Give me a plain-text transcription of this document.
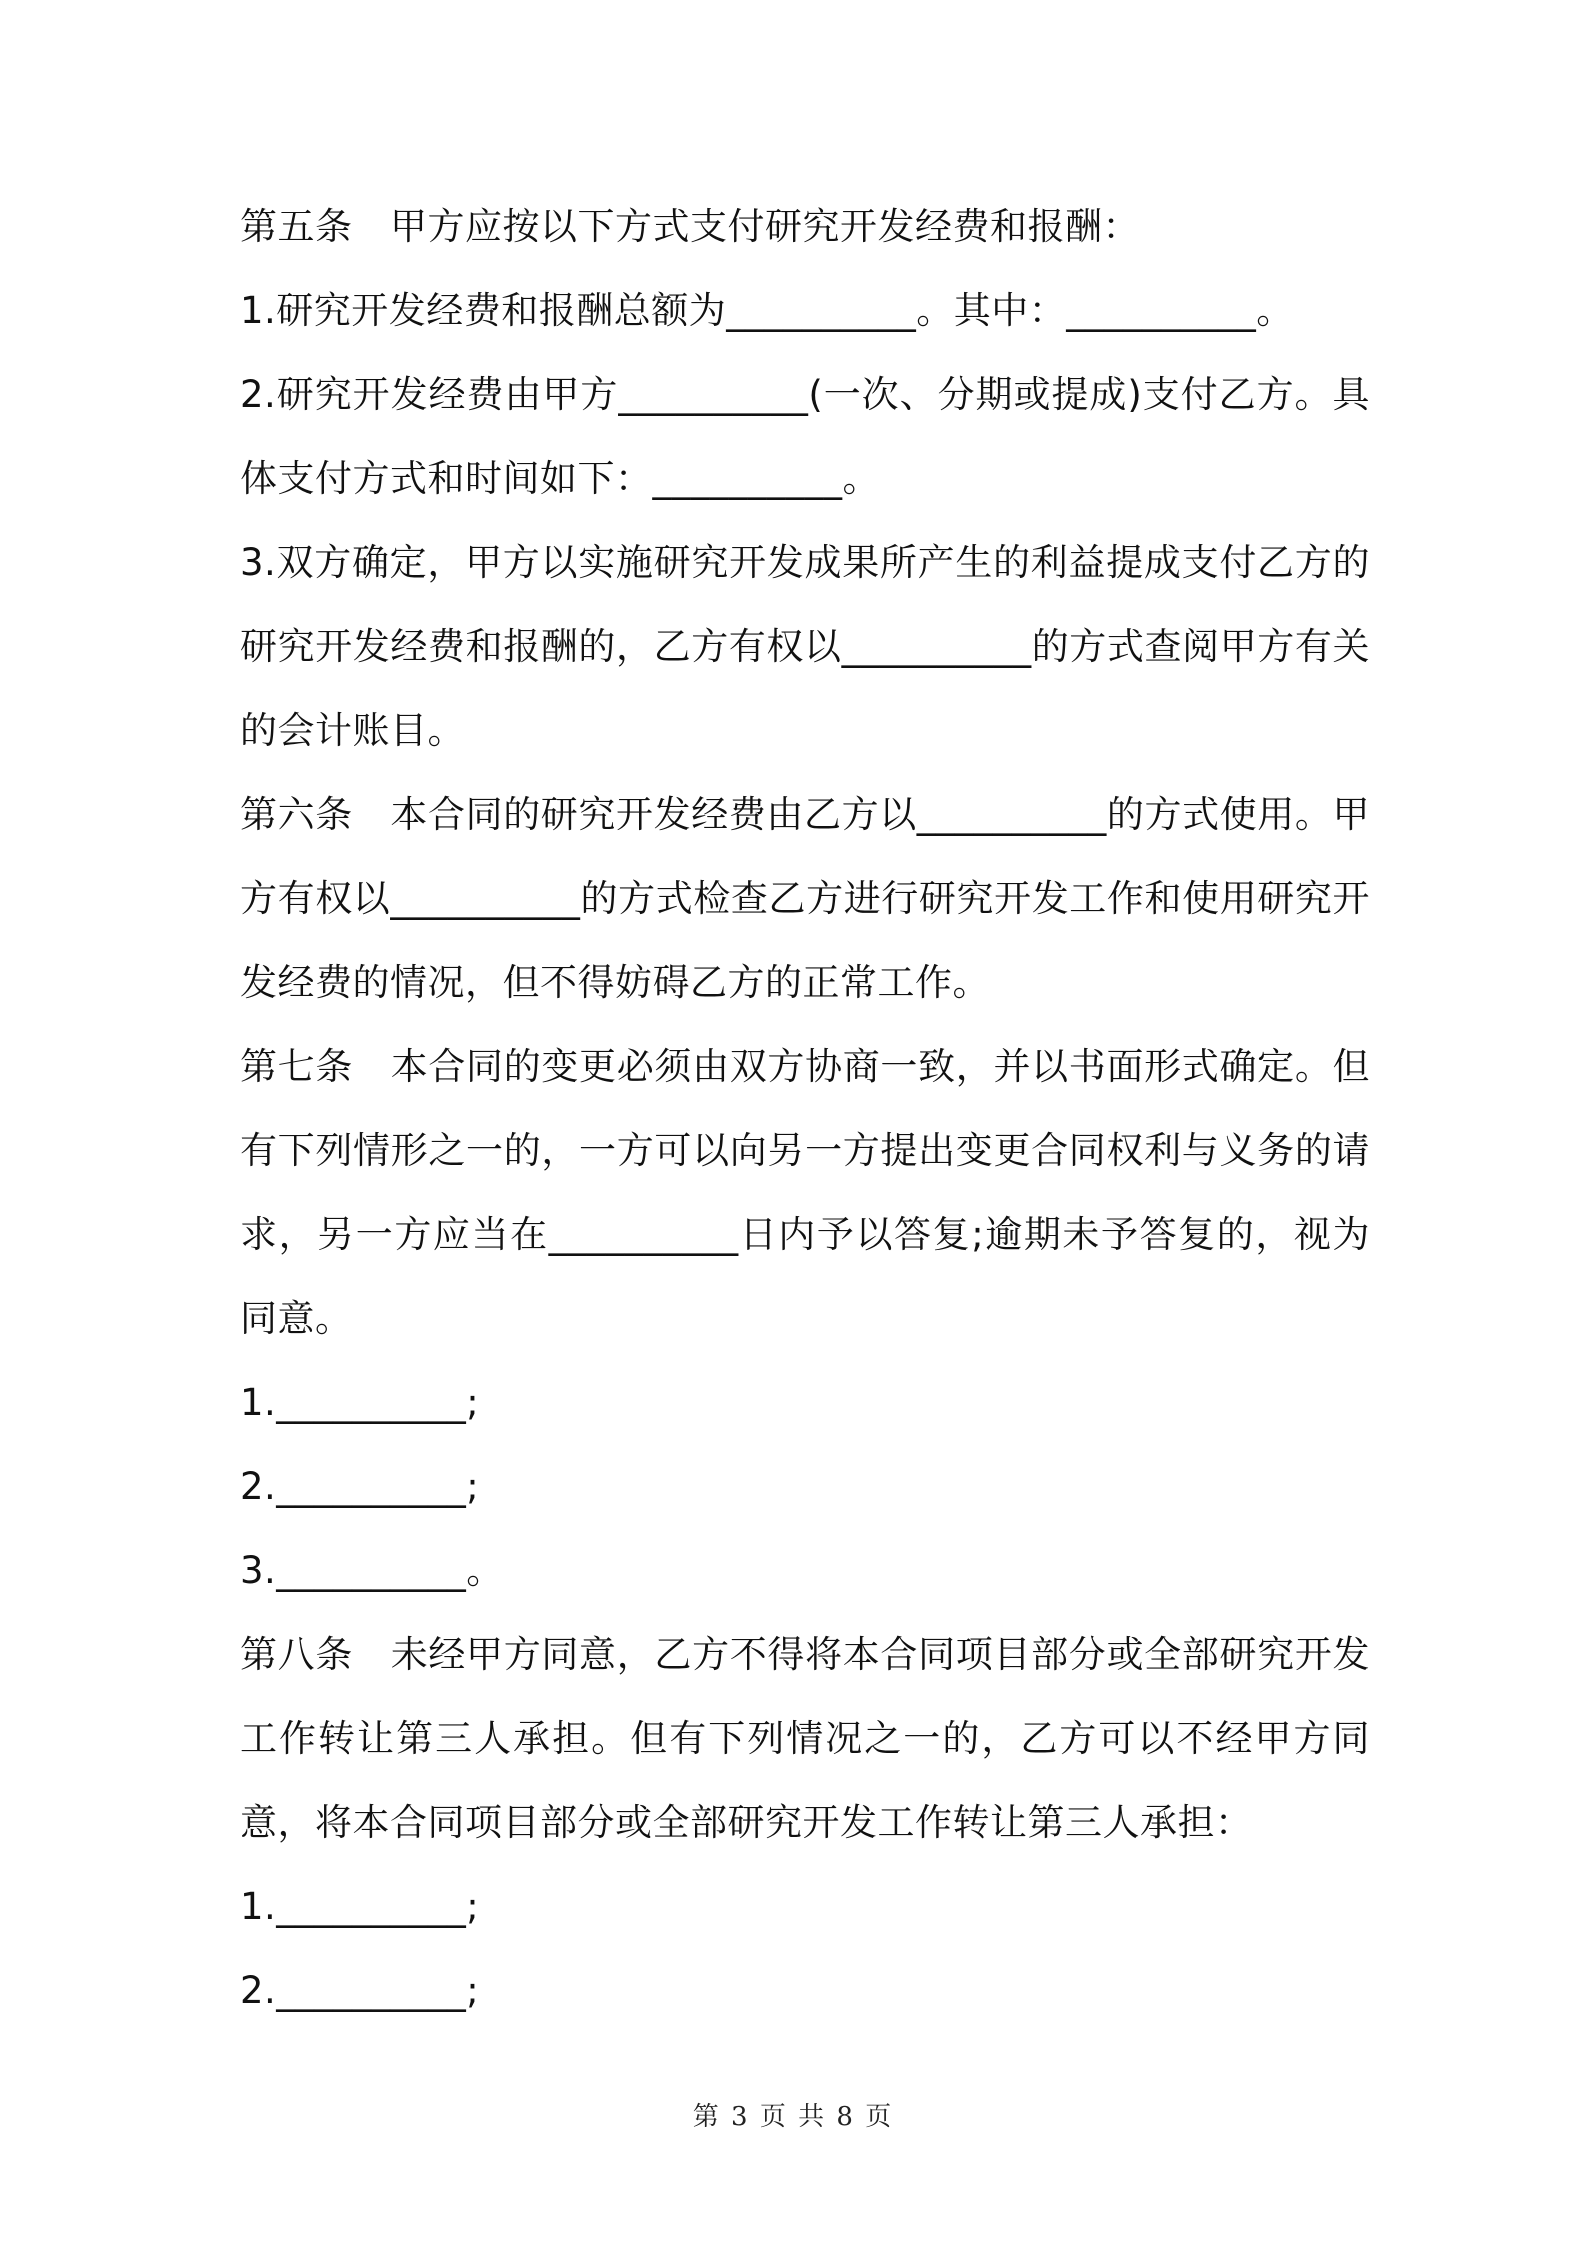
第五条　甲方应按以下方式支付研究开发经费和报酬：

1.研究开发经费和报酬总额为__________。其中：__________。

2.研究开发经费由甲方__________(一次、分期或提成)支付乙方。具体支付方式和时间如下：__________。

3.双方确定，甲方以实施研究开发成果所产生的利益提成支付乙方的研究开发经费和报酬的，乙方有权以__________的方式查阅甲方有关的会计账目。

第六条　本合同的研究开发经费由乙方以__________的方式使用。甲方有权以__________的方式检查乙方进行研究开发工作和使用研究开发经费的情况，但不得妨碍乙方的正常工作。

第七条　本合同的变更必须由双方协商一致，并以书面形式确定。但有下列情形之一的，一方可以向另一方提出变更合同权利与义务的请求，另一方应当在__________日内予以答复;逾期未予答复的，视为同意。

1.__________;

2.__________;

3.__________。

第八条　未经甲方同意，乙方不得将本合同项目部分或全部研究开发工作转让第三人承担。但有下列情况之一的，乙方可以不经甲方同意，将本合同项目部分或全部研究开发工作转让第三人承担：

1.__________;

2.__________;

第 3 页 共 8 页
